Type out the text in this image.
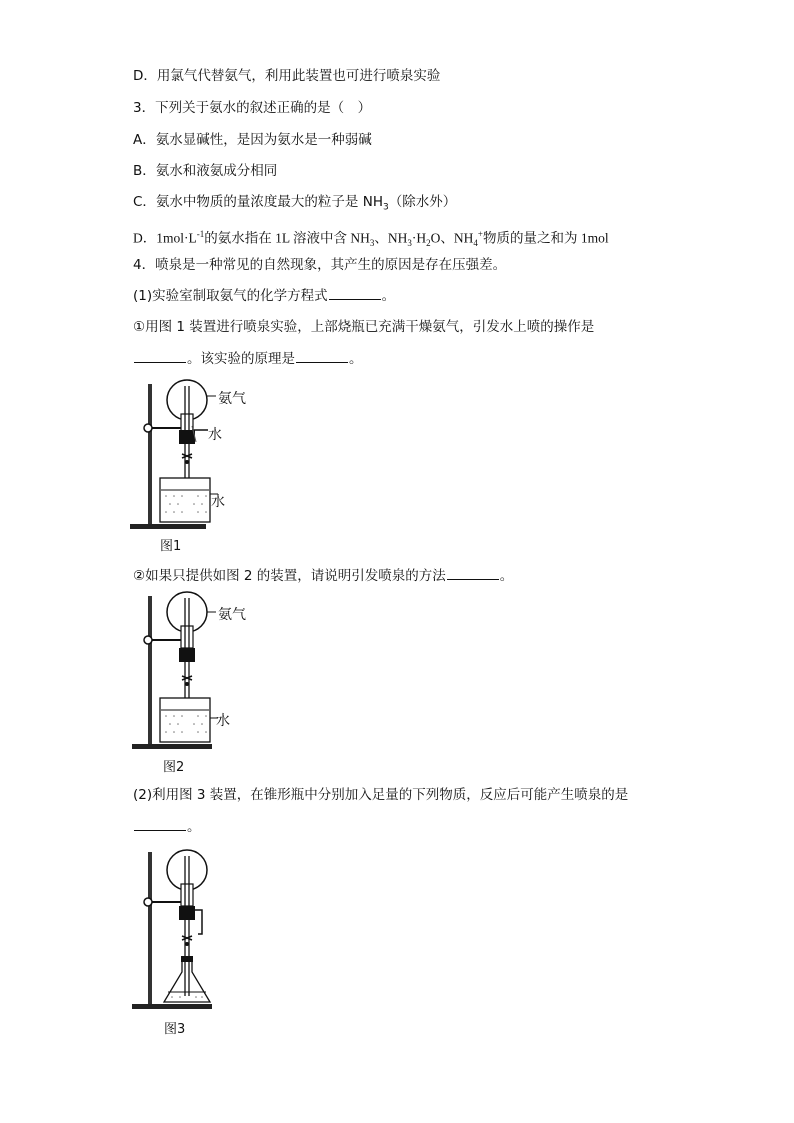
D．用氯气代替氨气，利用此装置也可进行喷泉实验
3．下列关于氨水的叙述正确的是（　）
A．氨水显碱性，是因为氨水是一种弱碱
B．氨水和液氨成分相同
C．氨水中物质的量浓度最大的粒子是 $NH_3$（除水外）
D．$1mol\cdot L^{-1}$的氨水指在 1L 溶液中含 $NH_3$、$NH_3\cdot H_2O$、$NH_4^+$物质的量之和为 1mol
4．喷泉是一种常见的自然现象，其产生的原因是存在压强差。
(1)实验室制取氨气的化学方程式	。
①用图 1 装置进行喷泉实验，上部烧瓶已充满干燥氨气，引发水上喷的操作是
。该实验的原理是	。
氨气
水
水
图1
②如果只提供如图 2 的装置，请说明引发喷泉的方法	。
氨气
水
图2
(2)利用图 3 装置，在锥形瓶中分别加入足量的下列物质，反应后可能产生喷泉的是
。
图3
